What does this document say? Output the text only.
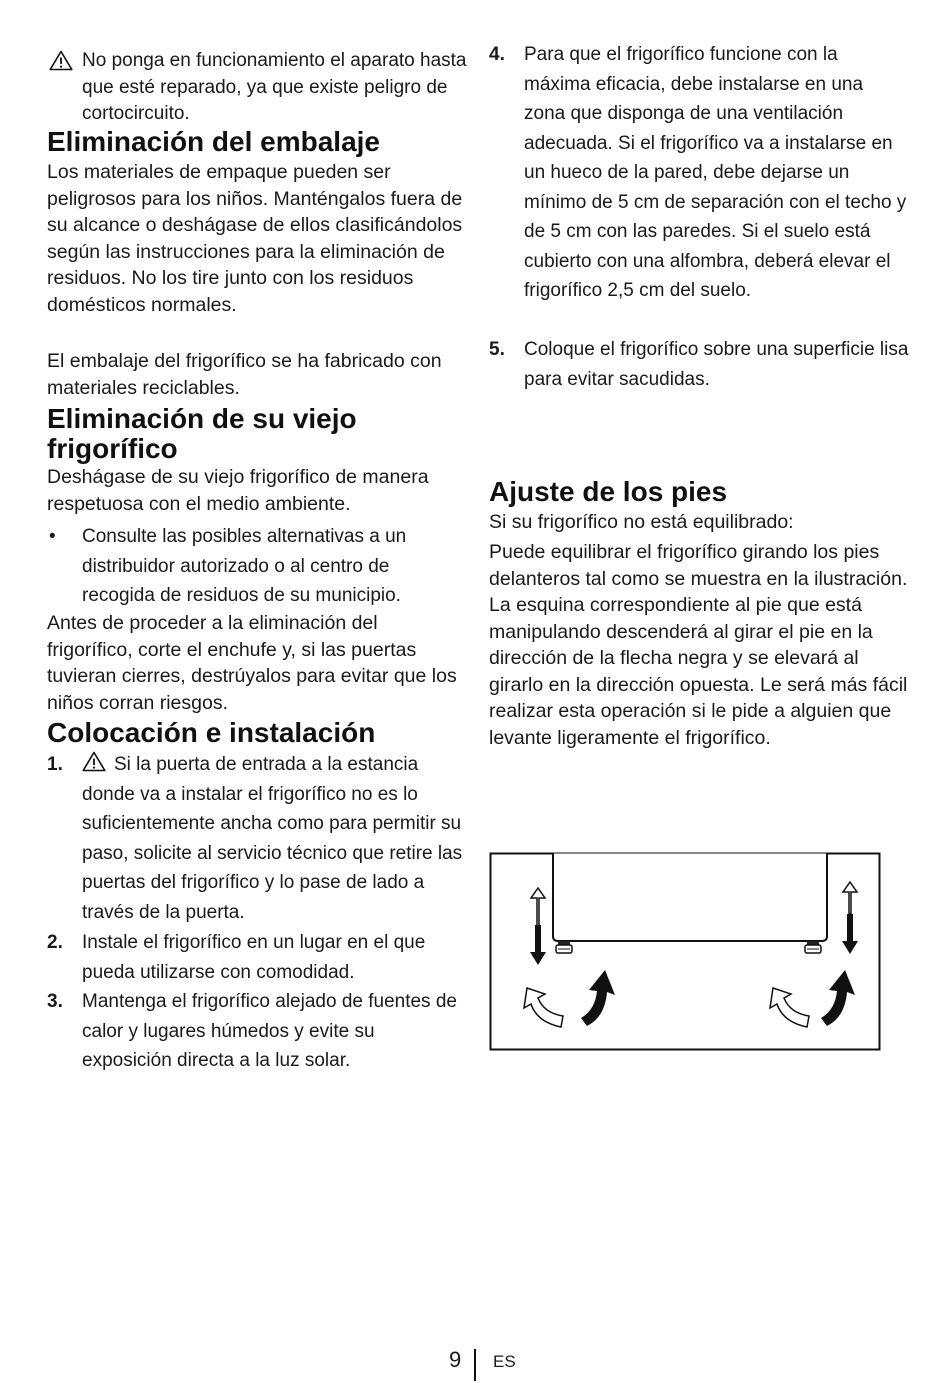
No ponga en funcionamiento el aparato hasta que esté reparado, ya que existe peligro de cortocircuito.
Eliminación del embalaje

Los materiales de empaque pueden ser peligrosos para los niños. Manténgalos fuera de su alcance o deshágase de ellos clasificándolos según las instrucciones para la eliminación de residuos. No los tire junto con los residuos domésticos normales.

El embalaje del frigorífico se ha fabricado con materiales reciclables.

Eliminación de su viejo frigorífico

Deshágase de su viejo frigorífico de manera respetuosa con el medio ambiente.

• Consulte las posibles alternativas a un distribuidor autorizado o al centro de recogida de residuos de su municipio.

Antes de proceder a la eliminación del frigorífico, corte el enchufe y, si las puertas tuvieran cierres, destrúyalos para evitar que los niños corran riesgos.

Colocación e instalación
1.	Si la puerta de entrada a la estancia donde va a instalar el frigorífico no es lo suficientemente ancha como para permitir su paso, solicite al servicio técnico que retire las puertas del frigorífico y lo pase de lado a través de la puerta.
2. Instale el frigorífico en un lugar en el que pueda utilizarse con comodidad.
3. Mantenga el frigorífico alejado de fuentes de calor y lugares húmedos y evite su exposición directa a la luz solar.
4. Para que el frigorífico funcione con la máxima eficacia, debe instalarse en una zona que disponga de una ventilación adecuada. Si el frigorífico va a instalarse en un hueco de la pared, debe dejarse un mínimo de 5 cm de separación con el techo y de 5 cm con las paredes. Si el suelo está cubierto con una alfombra, deberá elevar el frigorífico 2,5 cm del suelo.
5. Coloque el frigorífico sobre una superficie lisa para evitar sacudidas.
Ajuste de los pies

Si su frigorífico no está equilibrado:

Puede equilibrar el frigorífico girando los pies delanteros tal como se muestra en la ilustración. La esquina correspondiente al pie que está manipulando descenderá al girar el pie en la dirección de la flecha negra y se elevará al girarlo en la dirección opuesta. Le será más fácil realizar esta operación si le pide a alguien que levante ligeramente el frigorífico.

9 ES
